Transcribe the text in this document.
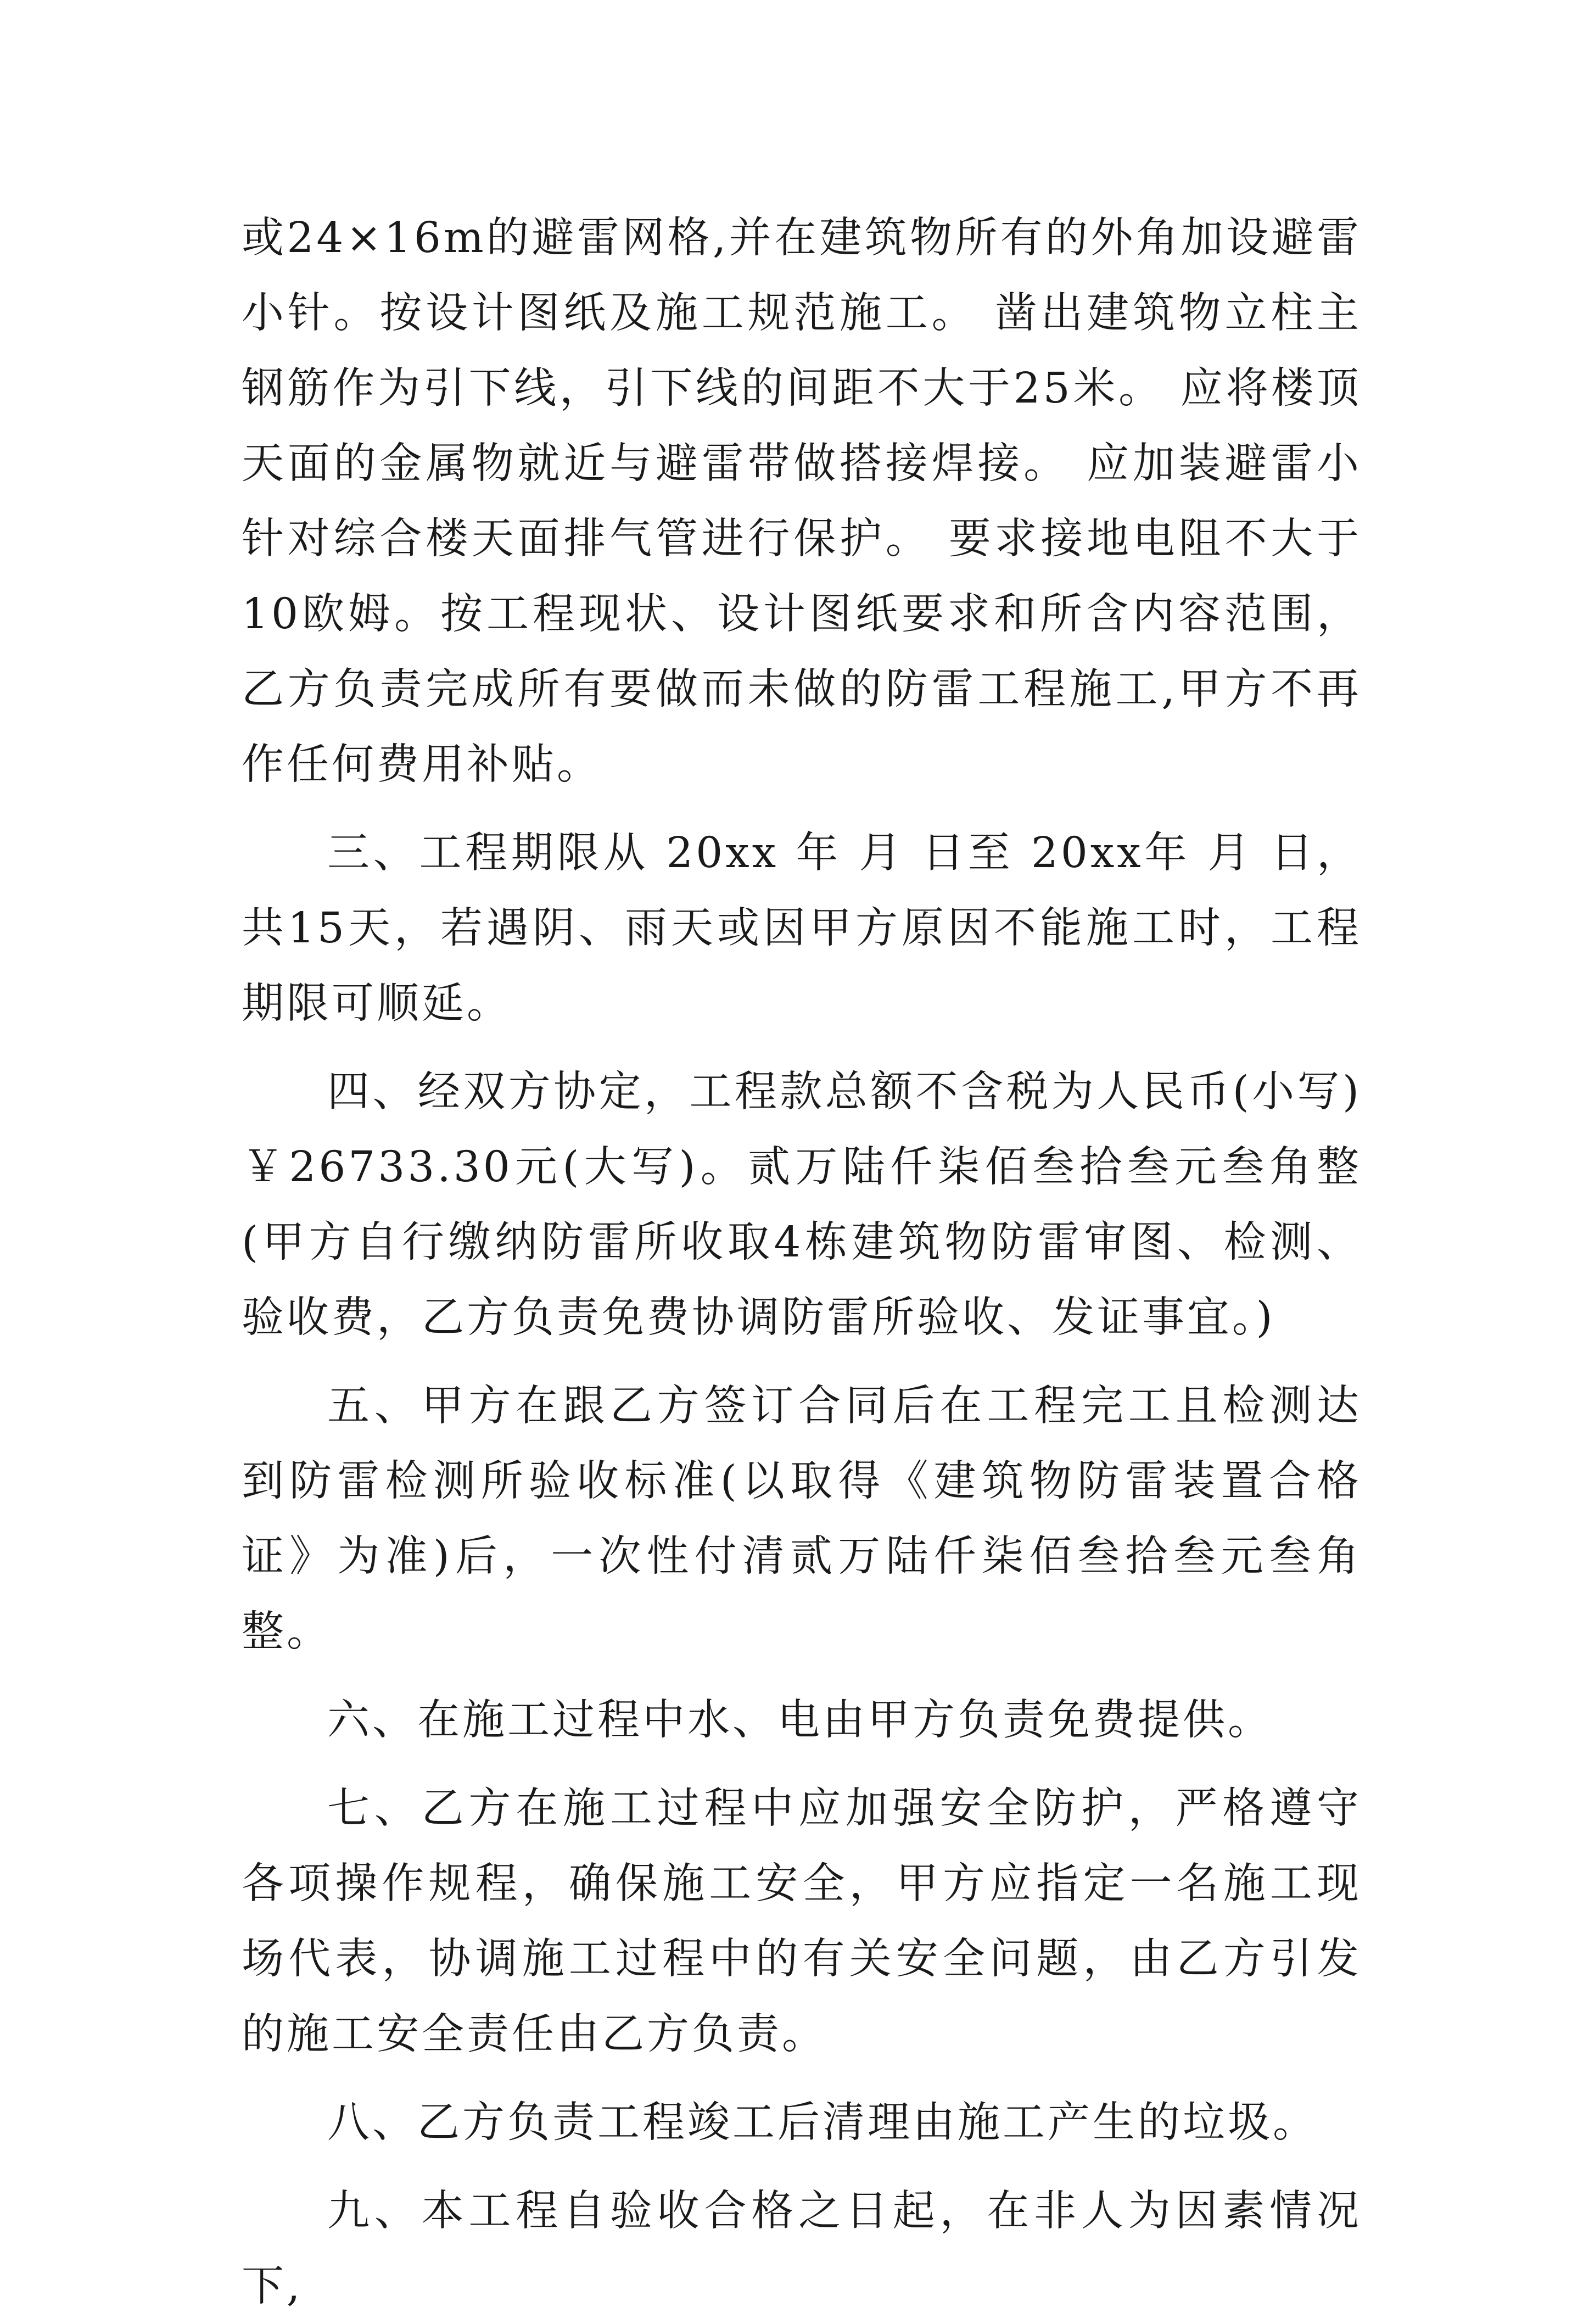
或24×16m的避雷网格,并在建筑物所有的外角加设避雷小针。按设计图纸及施工规范施工。 凿出建筑物立柱主钢筋作为引下线，引下线的间距不大于25米。 应将楼顶天面的金属物就近与避雷带做搭接焊接。 应加装避雷小针对综合楼天面排气管进行保护。 要求接地电阻不大于10欧姆。按工程现状、设计图纸要求和所含内容范围，乙方负责完成所有要做而未做的防雷工程施工,甲方不再作任何费用补贴。

三、工程期限从 20xx 年 月 日至 20xx年 月 日，共15天，若遇阴、雨天或因甲方原因不能施工时，工程期限可顺延。

四、经双方协定，工程款总额不含税为人民币(小写)￥26733.30元(大写)。贰万陆仟柒佰叁拾叁元叁角整(甲方自行缴纳防雷所收取4栋建筑物防雷审图、检测、验收费，乙方负责免费协调防雷所验收、发证事宜。)

五、甲方在跟乙方签订合同后在工程完工且检测达到防雷检测所验收标准(以取得《建筑物防雷装置合格证》为准)后，一次性付清贰万陆仟柒佰叁拾叁元叁角整。

六、在施工过程中水、电由甲方负责免费提供。

七、乙方在施工过程中应加强安全防护，严格遵守各项操作规程，确保施工安全，甲方应指定一名施工现场代表，协调施工过程中的有关安全问题，由乙方引发的施工安全责任由乙方负责。

八、乙方负责工程竣工后清理由施工产生的垃圾。

九、本工程自验收合格之日起，在非人为因素情况下,
